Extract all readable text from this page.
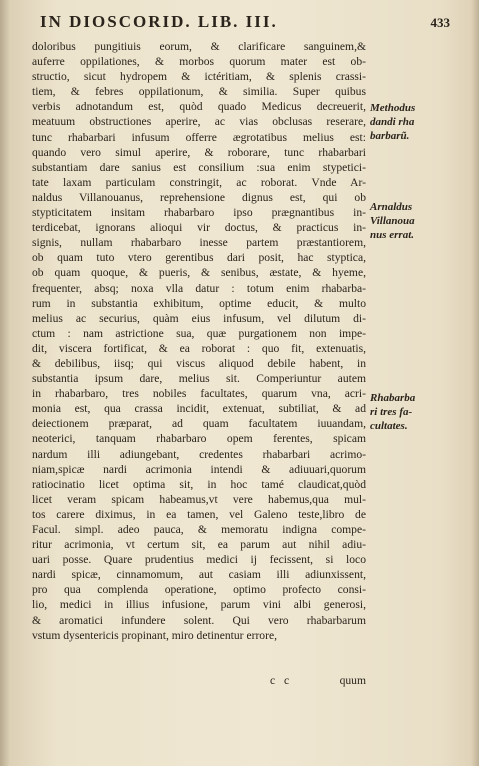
IN DIOSCORID. LIB. III.	433
doloribus pungitiuis eorum, & clarificare sanguinem,&
auferre oppilationes, & morbos quorum mater est ob-
structio, sicut hydropem & ictéritiam, & splenis crassi-
tiem, & febres oppilationum, & similia. Super quibus
verbis adnotandum est, quòd quado Medicus decreuerit,
meatuum obstructiones aperire, ac vias obclusas reserare,
tunc rhabarbari infusum offerre ægrotatibus melius est:
quando vero simul aperire, & roborare, tunc rhabarbari
substantiam dare sanius est consilium :sua enim stypetici-
tate laxam particulam constringit, ac roborat. Vnde Ar-
naldus Villanouanus, reprehensione dignus est, qui ob
stypticitatem insitam rhabarbaro ipso prægnantibus in-
terdicebat, ignorans alioqui vir doctus, & practicus in-
signis, nullam rhabarbaro inesse partem præstantiorem,
ob quam tuto vtero gerentibus dari posit, hac styptica,
ob quam quoque, & pueris, & senibus, æstate, & hyeme,
frequenter, absq; noxa vlla datur : totum enim rhabarba-
rum in substantia exhibitum, optime educit, & multo
melius ac securius, quàm eius infusum, vel dilutum di-
ctum : nam astrictione sua, quæ purgationem non impe-
dit, viscera fortificat, & ea roborat : quo fit, extenuatis,
& debilibus, iisq; qui viscus aliquod debile habent, in
substantia ipsum dare, melius sit. Comperiuntur autem
in rhabarbaro, tres nobiles facultates, quarum vna, acri-
monia est, qua crassa incidit, extenuat, subtiliat, & ad
deiectionem præparat, ad quam facultatem iuuandam,
neoterici, tanquam rhabarbaro opem ferentes, spicam
nardum illi adiungebant, credentes rhabarbari acrimo-
niam,spicæ nardi acrimonia intendi & adiuuari,quorum
ratiocinatio licet optima sit, in hoc tamé claudicat,quòd
licet veram spicam habeamus,vt vere habemus,qua mul-
tos carere diximus, in ea tamen, vel Galeno teste,libro de
Facul. simpl. adeo pauca, & memoratu indigna compe-
ritur acrimonia, vt certum sit, ea parum aut nihil adiu-
uari posse. Quare prudentius medici ij fecissent, si loco
nardi spicæ, cinnamomum, aut casiam illi adiunxissent,
pro qua complenda operatione, optimo profecto consi-
lio, medici in illius infusione, parum vini albi generosi,
& aromatici infundere solent. Qui vero rhabarbarum
vstum dysentericis propinant, miro detinentur errore,
Methodus
dandi rha
barbarũ.
Arnaldus
Villanoua
nus errat.
Rhabarba
ri tres fa-
cultates.
c c	quum
